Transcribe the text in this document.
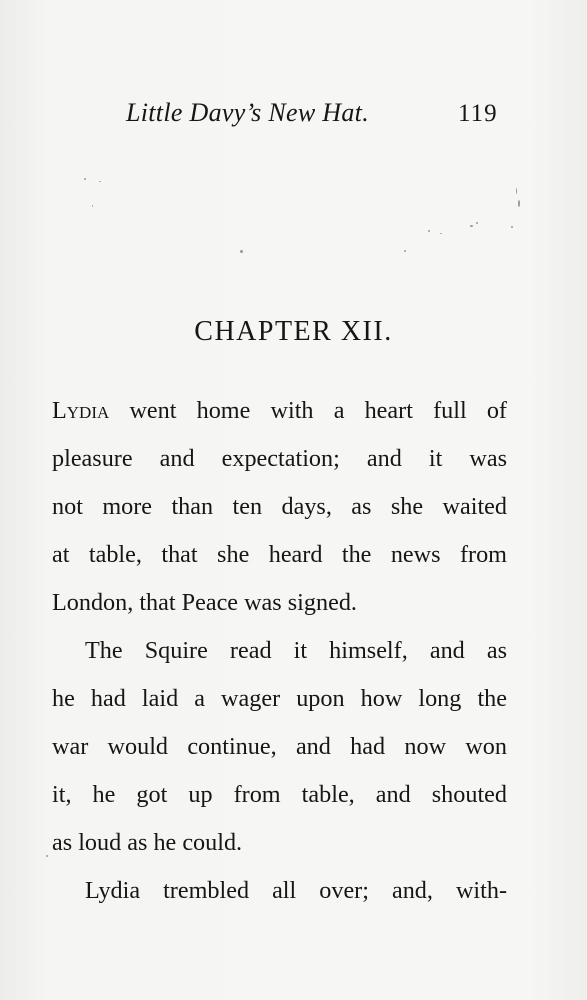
Little Davy’s New Hat.	119
CHAPTER XII.
Lydia went home with a heart full of
pleasure and expectation; and it was
not more than ten days, as she waited
at table, that she heard the news from
London, that Peace was signed.
The Squire read it himself, and as
he had laid a wager upon how long the
war would continue, and had now won
it, he got up from table, and shouted
as loud as he could.
Lydia trembled all over; and, with-
